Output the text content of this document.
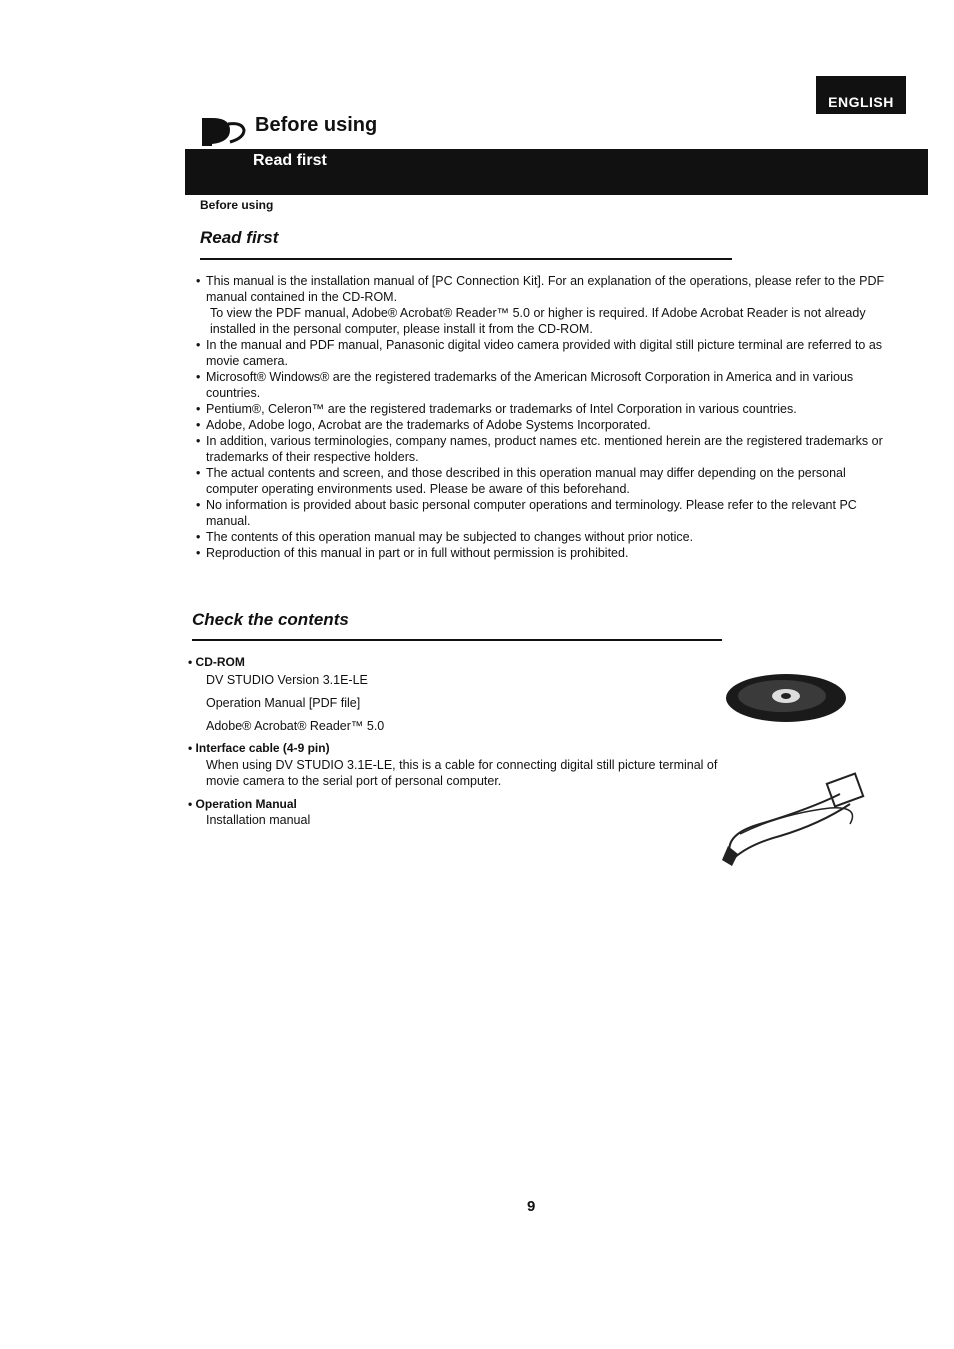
ENGLISH
Before using
Read first
Before using
Read first
• This manual is the installation manual of [PC Connection Kit]. For an explanation of the operations, please refer to the PDF manual contained in the CD-ROM.
To view the PDF manual, Adobe® Acrobat® Reader™ 5.0 or higher is required. If Adobe Acrobat Reader is not already installed in the personal computer, please install it from the CD-ROM.
• In the manual and PDF manual, Panasonic digital video camera provided with digital still picture terminal are referred to as movie camera.
• Microsoft® Windows® are the registered trademarks of the American Microsoft Corporation in America and in various countries.
• Pentium®, Celeron™ are the registered trademarks or trademarks of Intel Corporation in various countries.
• Adobe, Adobe logo, Acrobat are the trademarks of Adobe Systems Incorporated.
• In addition, various terminologies, company names, product names etc. mentioned herein are the registered trademarks or trademarks of their respective holders.
• The actual contents and screen, and those described in this operation manual may differ depending on the personal computer operating environments used. Please be aware of this beforehand.
• No information is provided about basic personal computer operations and terminology. Please refer to the relevant PC manual.
• The contents of this operation manual may be subjected to changes without prior notice.
• Reproduction of this manual in part or in full without permission is prohibited.
Check the contents
• CD-ROM
DV STUDIO Version 3.1E-LE
Operation Manual [PDF file]
Adobe® Acrobat® Reader™ 5.0
• Interface cable (4-9 pin)
When using DV STUDIO 3.1E-LE, this is a cable for connecting digital still picture terminal of movie camera to the serial port of personal computer.
• Operation Manual
Installation manual
9
